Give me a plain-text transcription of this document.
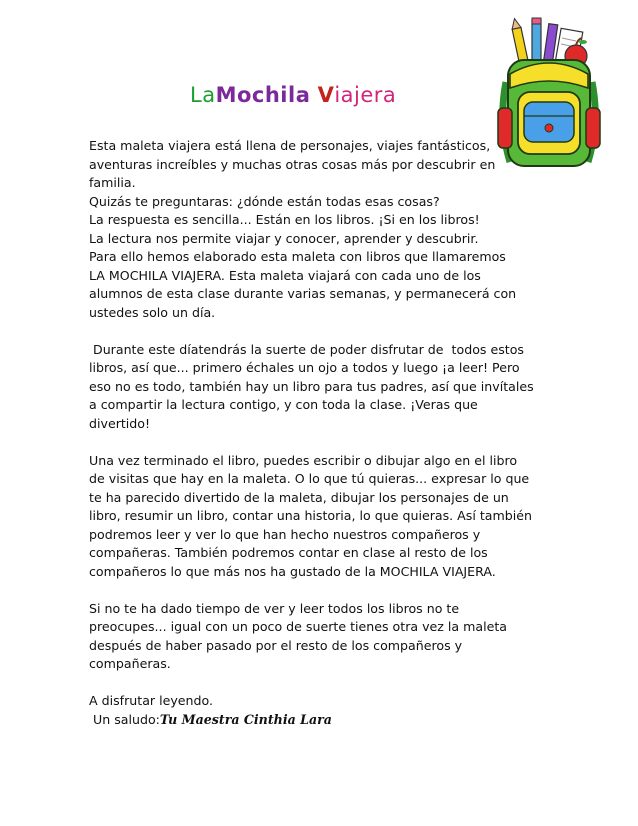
LaMochila Viajera
Esta maleta viajera está llena de personajes, viajes fantásticos,
aventuras increíbles y muchas otras cosas más por descubrir en
familia.
Quizás te preguntaras: ¿dónde están todas esas cosas?
La respuesta es sencilla... Están en los libros. ¡Si en los libros!
La lectura nos permite viajar y conocer, aprender y descubrir.
Para ello hemos elaborado esta maleta con libros que llamaremos
LA MOCHILA VIAJERA. Esta maleta viajará con cada uno de los
alumnos de esta clase durante varias semanas, y permanecerá con
ustedes solo un día.
Durante este díatendrás la suerte de poder disfrutar de  todos estos
libros, así que... primero échales un ojo a todos y luego ¡a leer! Pero
eso no es todo, también hay un libro para tus padres, así que invítales
a compartir la lectura contigo, y con toda la clase. ¡Veras que
divertido!
Una vez terminado el libro, puedes escribir o dibujar algo en el libro
de visitas que hay en la maleta. O lo que tú quieras... expresar lo que
te ha parecido divertido de la maleta, dibujar los personajes de un
libro, resumir un libro, contar una historia, lo que quieras. Así también
podremos leer y ver lo que han hecho nuestros compañeros y
compañeras. También podremos contar en clase al resto de los
compañeros lo que más nos ha gustado de la MOCHILA VIAJERA.
Si no te ha dado tiempo de ver y leer todos los libros no te
preocupes... igual con un poco de suerte tienes otra vez la maleta
después de haber pasado por el resto de los compañeros y
compañeras.
A disfrutar leyendo.
Un saludo:Tu Maestra Cinthia Lara
